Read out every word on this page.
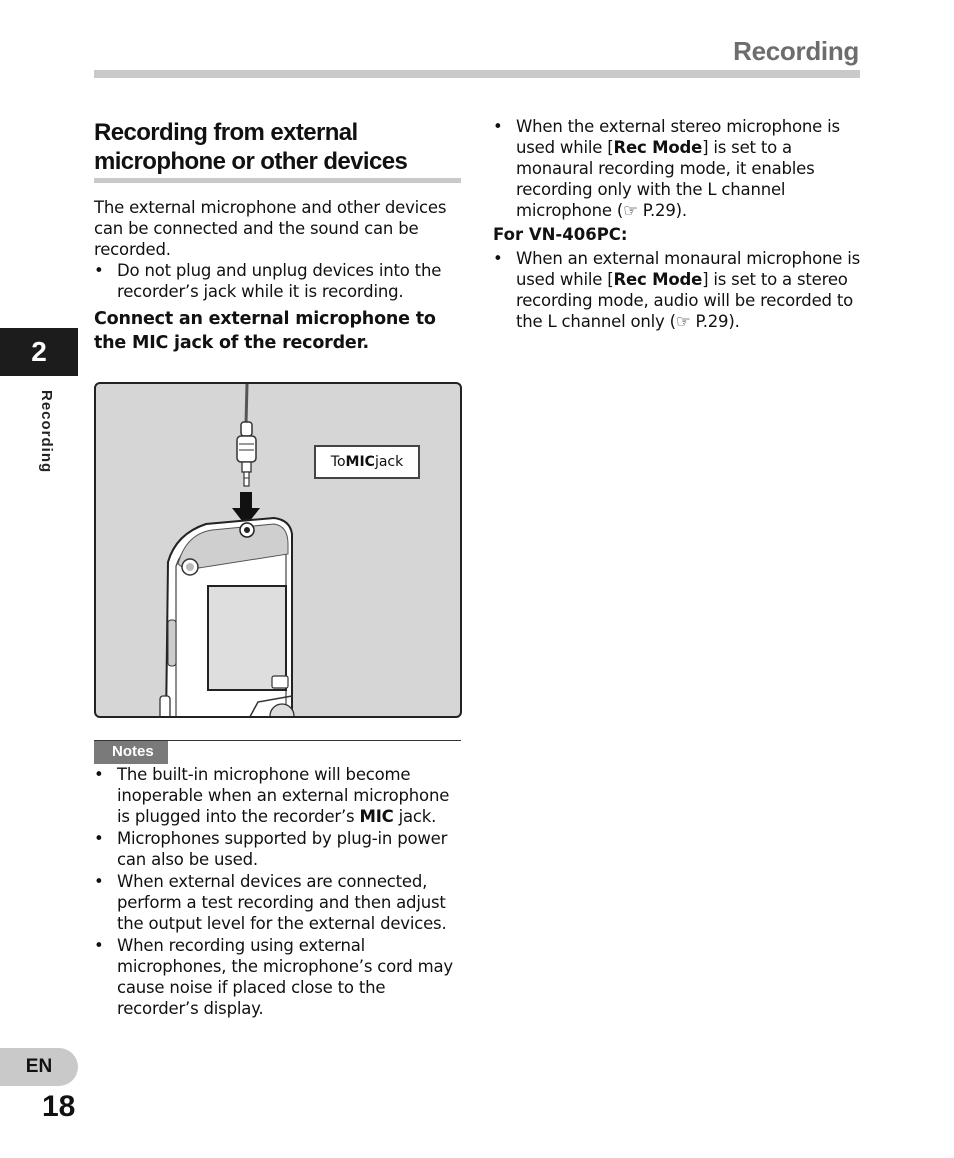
Recording
2
Recording
EN
18
Recording from external
microphone or other devices

The external microphone and other devices can be connected and the sound can be recorded.

• Do not plug and unplug devices into the recorder’s jack while it is recording.

Connect an external microphone to the MIC jack of the recorder.

To MIC jack
Notes
• The built-in microphone will become inoperable when an external microphone is plugged into the recorder’s MIC jack.
• Microphones supported by plug-in power can also be used.
• When external devices are connected, perform a test recording and then adjust the output level for the external devices.
• When recording using external microphones, the microphone’s cord may cause noise if placed close to the recorder’s display.
• When the external stereo microphone is used while [Rec Mode] is set to a monaural recording mode, it enables recording only with the L channel microphone (☞ P.29).

For VN-406PC:

• When an external monaural microphone is used while [Rec Mode] is set to a stereo recording mode, audio will be recorded to the L channel only (☞ P.29).
